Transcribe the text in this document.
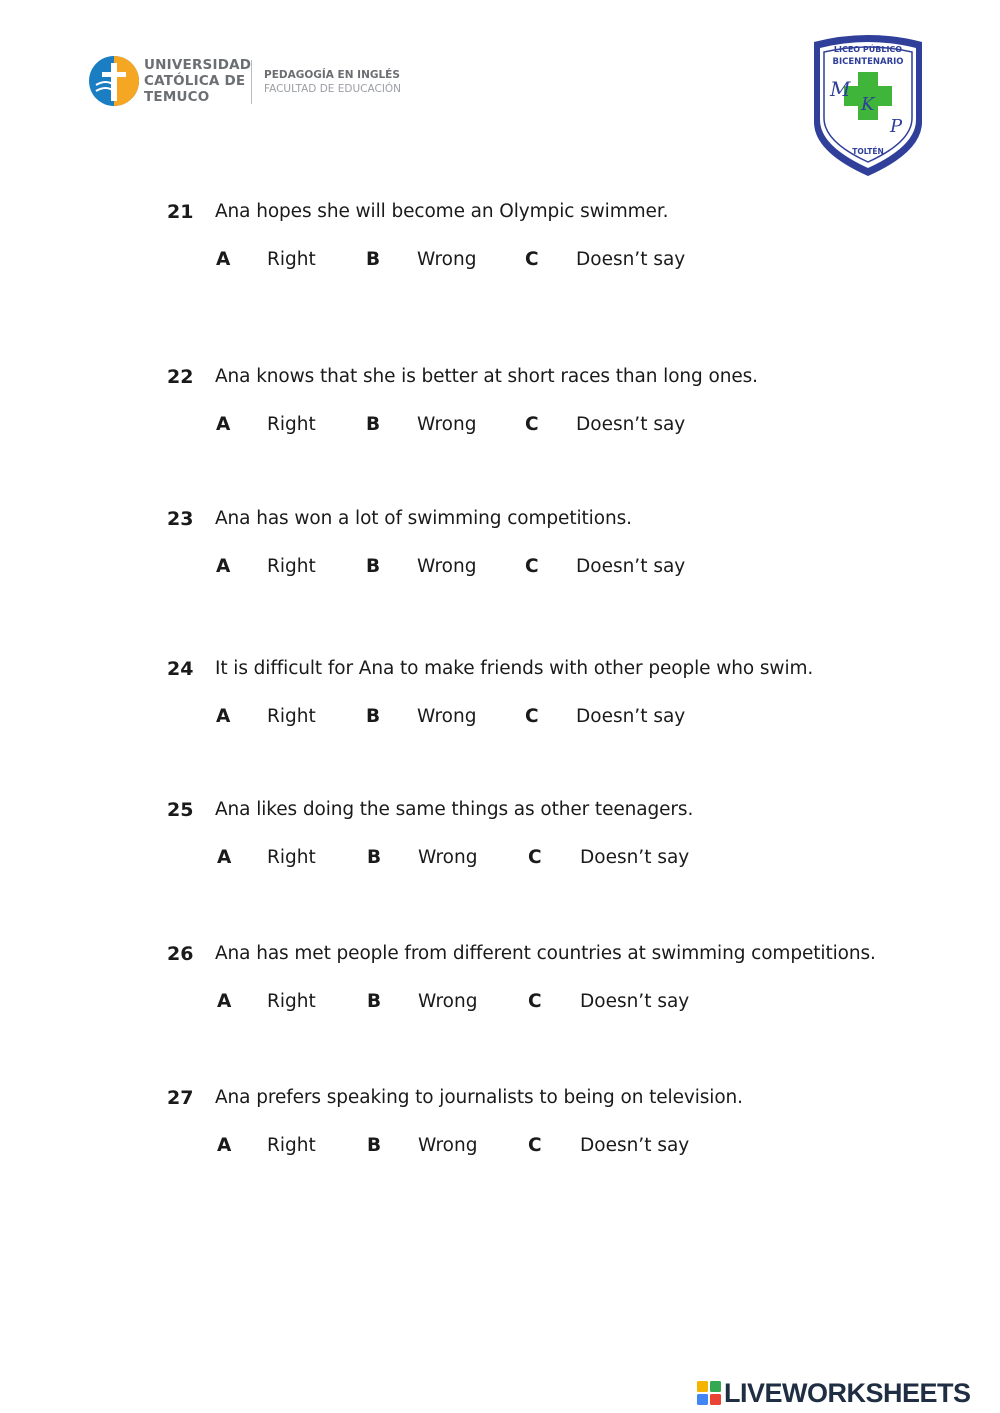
UNIVERSIDAD
CATÓLICA DE
TEMUCO
PEDAGOGÍA EN INGLÉS
FACULTAD DE EDUCACIÓN
LICEO PÚBLICO
BICENTENARIO
M
K
P
TOLTÉN
21 Ana hopes she will become an Olympic swimmer.
A Right	B Wrong	C Doesn’t say
22 Ana knows that she is better at short races than long ones.
A Right	B Wrong	C Doesn’t say
23 Ana has won a lot of swimming competitions.
A Right	B Wrong	C Doesn’t say
24 It is difficult for Ana to make friends with other people who swim.
A Right	B Wrong	C Doesn’t say
25 Ana likes doing the same things as other teenagers.
A Right	B Wrong	C Doesn’t say
26 Ana has met people from different countries at swimming competitions.
A Right	B Wrong	C Doesn’t say
27 Ana prefers speaking to journalists to being on television.
A Right	B Wrong	C Doesn’t say
LIVEWORKSHEETS
